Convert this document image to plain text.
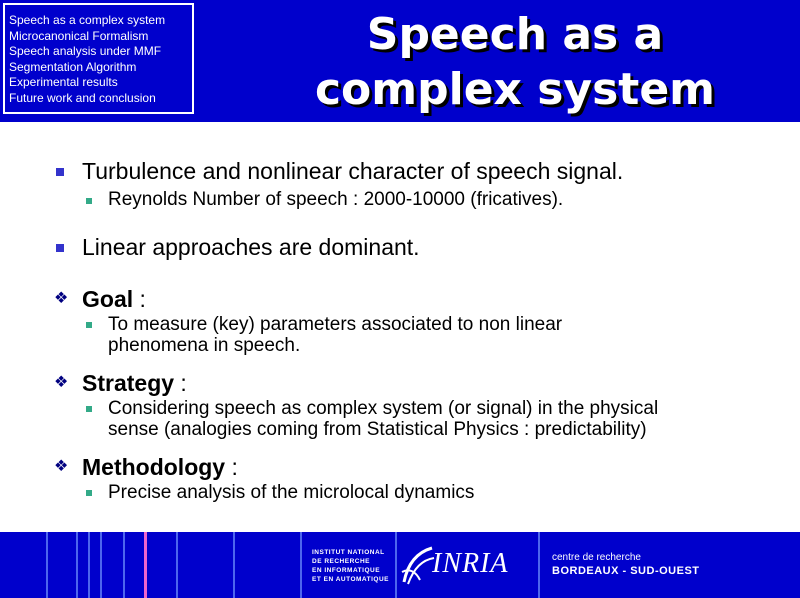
Speech as a complex system
Microcanonical Formalism
Speech analysis under MMF
Segmentation Algorithm
Experimental results
Future work and conclusion
Speech as a
complex system
Turbulence and nonlinear character of speech signal.
Reynolds Number of speech : 2000-10000 (fricatives).
Linear approaches are dominant.
❖ Goal :
To measure (key) parameters associated to non linear
phenomena in speech.
❖ Strategy :
Considering speech as complex system (or signal) in the physical
sense (analogies coming from Statistical Physics : predictability)
❖ Methodology :
Precise analysis of the microlocal dynamics
INSTITUT NATIONAL
DE RECHERCHE
EN INFORMATIQUE
ET EN AUTOMATIQUE
INRIA	centre de recherche
BORDEAUX - SUD-OUEST
